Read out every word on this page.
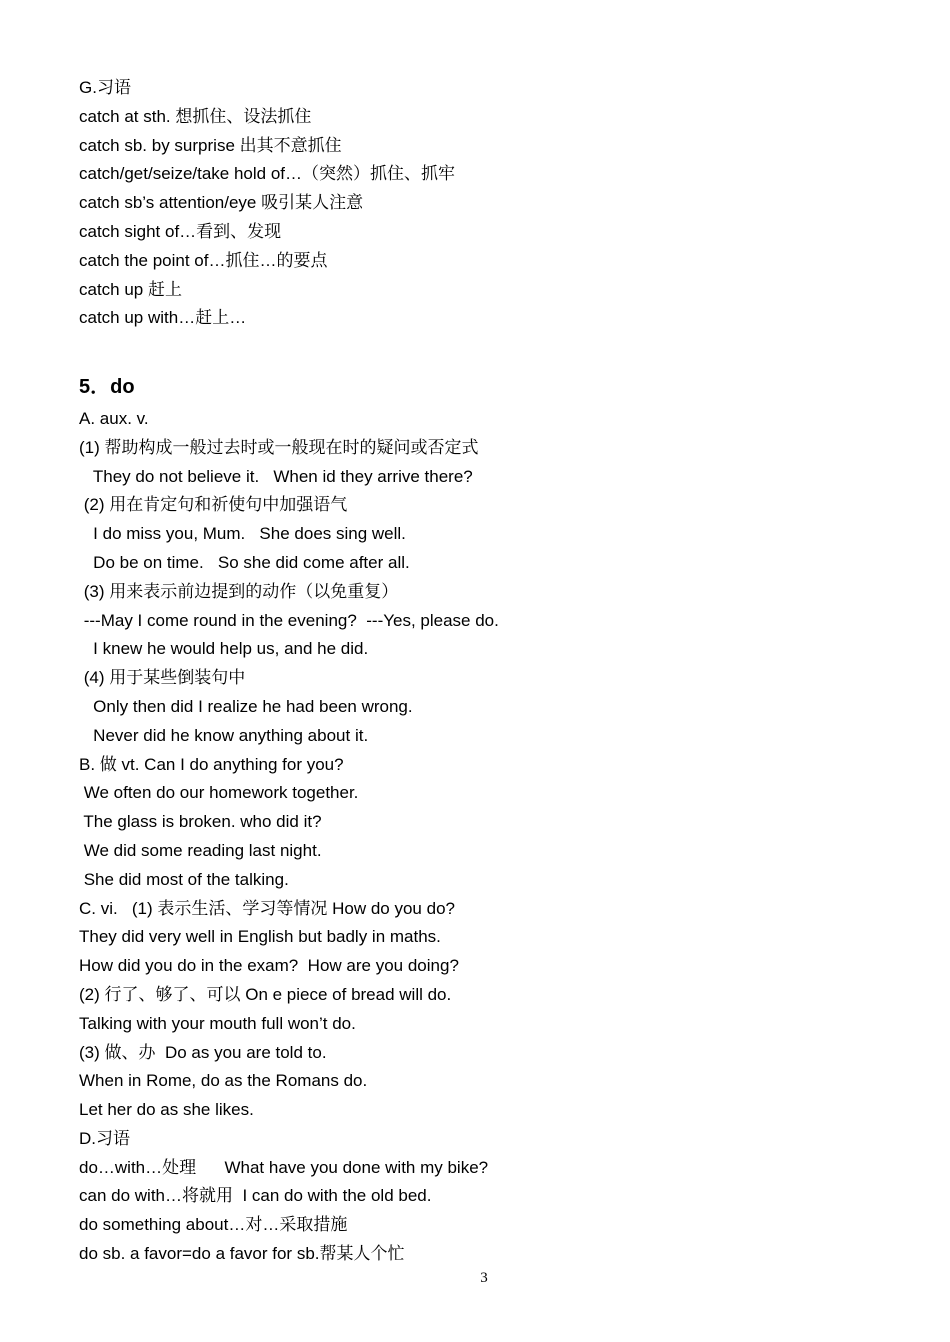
G.习语

catch at sth. 想抓住、设法抓住

catch sb. by surprise 出其不意抓住

catch/get/seize/take hold of…（突然）抓住、抓牢

catch sb’s attention/eye 吸引某人注意

catch sight of…看到、发现

catch the point of…抓住…的要点

catch up 赶上

catch up with…赶上…

5．do

A. aux. v.

(1) 帮助构成一般过去时或一般现在时的疑问或否定式

They do not believe it.   When id they arrive there?

(2) 用在肯定句和祈使句中加强语气

I do miss you, Mum.   She does sing well.

Do be on time.   So she did come after all.

(3) 用来表示前边提到的动作（以免重复）

---May I come round in the evening?  ---Yes, please do.

I knew he would help us, and he did.

(4) 用于某些倒装句中

Only then did I realize he had been wrong.

Never did he know anything about it.

B. 做 vt. Can I do anything for you?

We often do our homework together.

The glass is broken. who did it?

We did some reading last night.

She did most of the talking.

C. vi.   (1) 表示生活、学习等情况 How do you do?

They did very well in English but badly in maths.

How did you do in the exam?  How are you doing?

(2) 行了、够了、可以 On e piece of bread will do.

Talking with your mouth full won’t do.

(3) 做、办  Do as you are told to.

When in Rome, do as the Romans do.

Let her do as she likes.

D.习语

do…with…处理      What have you done with my bike?

can do with…将就用  I can do with the old bed.

do something about…对…采取措施

do sb. a favor=do a favor for sb.帮某人个忙

3
